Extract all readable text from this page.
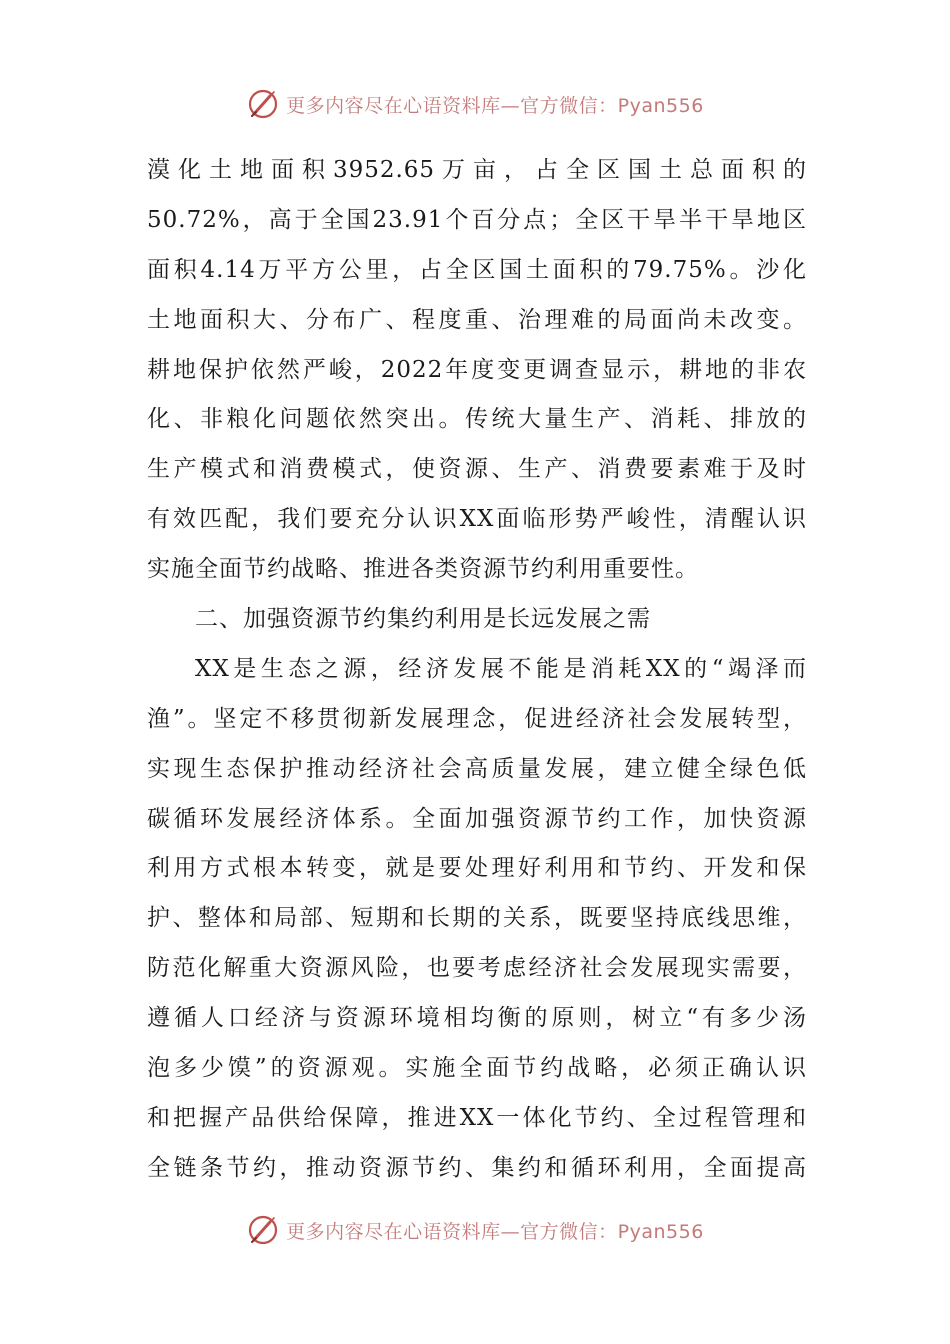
更多内容尽在心语资料库—官方微信：Pyan556
漠化土地面积3952.65万亩，占全区国土总面积的
50.72%，高于全国23.91个百分点；全区干旱半干旱地区
面积4.14万平方公里，占全区国土面积的79.75%。沙化
土地面积大、分布广、程度重、治理难的局面尚未改变。
耕地保护依然严峻，2022年度变更调查显示，耕地的非农
化、非粮化问题依然突出。传统大量生产、消耗、排放的
生产模式和消费模式，使资源、生产、消费要素难于及时
有效匹配，我们要充分认识XX面临形势严峻性，清醒认识
实施全面节约战略、推进各类资源节约利用重要性。
二、加强资源节约集约利用是长远发展之需
XX是生态之源，经济发展不能是消耗XX的“竭泽而
渔”。坚定不移贯彻新发展理念，促进经济社会发展转型，
实现生态保护推动经济社会高质量发展，建立健全绿色低
碳循环发展经济体系。全面加强资源节约工作，加快资源
利用方式根本转变，就是要处理好利用和节约、开发和保
护、整体和局部、短期和长期的关系，既要坚持底线思维，
防范化解重大资源风险，也要考虑经济社会发展现实需要，
遵循人口经济与资源环境相均衡的原则，树立“有多少汤
泡多少馍”的资源观。实施全面节约战略，必须正确认识
和把握产品供给保障，推进XX一体化节约、全过程管理和
全链条节约，推动资源节约、集约和循环利用，全面提高
更多内容尽在心语资料库—官方微信：Pyan556
